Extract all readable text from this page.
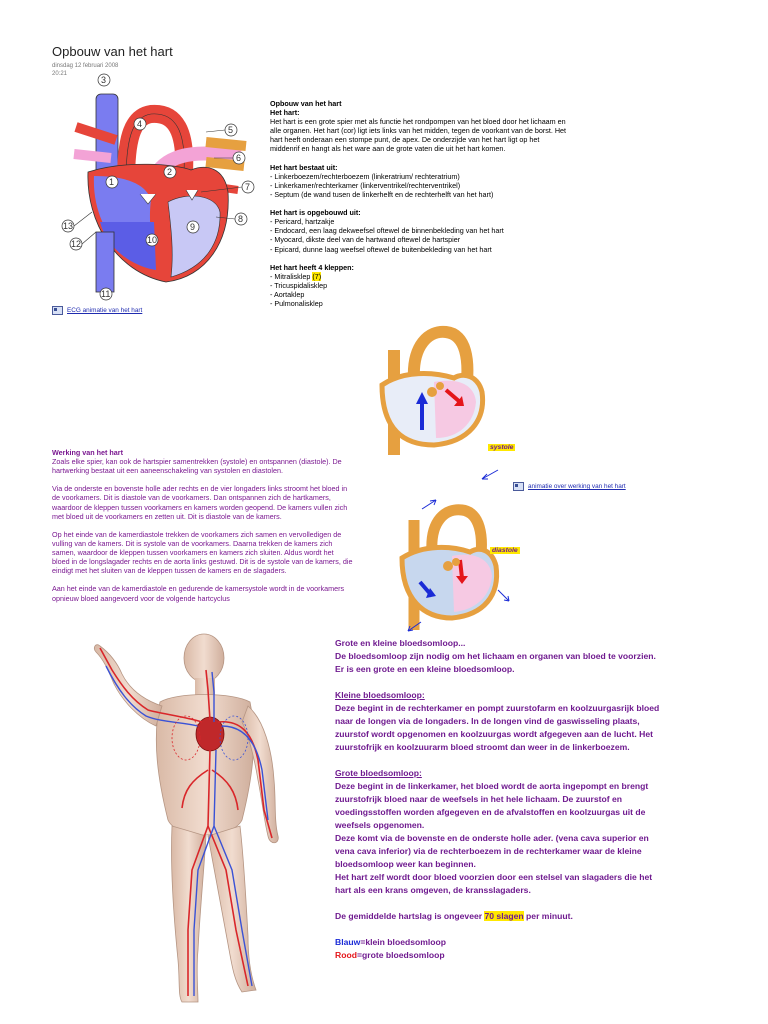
Opbouw van het hart
dinsdag 12 februari 2008
20:21
3
4
5
6
1
2
7
8
9
10
11
12
13
ECG animatie van het hart
Opbouw van het hart
Het hart:
Het hart is een grote spier met als functie het rondpompen van het bloed door het lichaam en
alle organen. Het hart (cor) ligt iets links van het midden, tegen de voorkant van de borst. Het
hart heeft onderaan een stompe punt, de apex. De onderzijde van het hart ligt op het
middenrif en hangt als het ware aan de grote vaten die uit het hart komen.
Het hart bestaat uit:
- Linkerboezem/rechterboezem (linkeratrium/ rechteratrium)
- Linkerkamer/rechterkamer (linkerventrikel/rechterventrikel)
- Septum (de wand tusen de linkerhelft en de rechterhelft van het hart)
Het hart is opgebouwd uit:
- Pericard, hartzakje
- Endocard, een laag dekweefsel oftewel de binnenbekleding van het hart
- Myocard, dikste deel van de hartwand oftewel de hartspier
- Epicard, dunne laag weefsel oftewel de buitenbekleding van het hart
Het hart heeft 4 kleppen:
- Mitralisklep (7)
- Tricuspidalisklep
- Aortaklep
- Pulmonalisklep
systole
animatie over werking van het hart
diastole
Werking van het hart
Zoals elke spier, kan ook de hartspier samentrekken (systole) en ontspannen (diastole). De
hartwerking bestaat uit een aaneenschakeling van systolen en diastolen.
Via de onderste en bovenste holle ader rechts en de vier longaders links stroomt het bloed in
de voorkamers. Dit is diastole van de voorkamers. Dan ontspannen zich de hartkamers,
waardoor de kleppen tussen voorkamers en kamers worden geopend. De kamers vullen zich
met bloed uit de voorkamers en zetten uit. Dit is diastole van de kamers.
Op het einde van de kamerdiastole trekken de voorkamers zich samen en vervolledigen de
vulling van de kamers. Dit is systole van de voorkamers. Daarna trekken de kamers zich
samen, waardoor de kleppen tussen voorkamers en kamers zich sluiten. Aldus wordt het
bloed in de longslagader rechts en de aorta links gestuwd. Dit is de systole van de kamers, die
eindigt met het sluiten van de kleppen tussen de kamers en de slagaders.
Aan het einde van de kamerdiastole en gedurende de kamersystole wordt in de voorkamers
opnieuw bloed aangevoerd voor de volgende hartcyclus
Grote en kleine bloedsomloop...
De bloedsomloop zijn nodig om het lichaam en organen van bloed te voorzien.
Er is een grote en een kleine bloedsomloop.
Kleine bloedsomloop:
Deze begint in de rechterkamer en pompt zuurstofarm en koolzuurgasrijk bloed
naar de longen via de longaders. In de longen vind de gaswisseling plaats,
zuurstof wordt opgenomen en koolzuurgas wordt afgegeven aan de lucht. Het
zuurstofrijk en koolzuurarm bloed stroomt dan weer in de linkerboezem.
Grote bloedsomloop:
Deze begint in de linkerkamer, het bloed wordt de aorta ingepompt en brengt
zuurstofrijk bloed naar de weefsels in het hele lichaam. De zuurstof en
voedingsstoffen worden afgegeven en de afvalstoffen en koolzuurgas uit de
weefsels opgenomen.
Deze komt via de bovenste en de onderste holle ader. (vena cava superior en
vena cava inferior) via de rechterboezem in de rechterkamer waar de kleine
bloedsomloop weer kan beginnen.
Het hart zelf wordt door bloed voorzien door een stelsel van slagaders die het
hart als een krans omgeven, de kransslagaders.
De gemiddelde hartslag is ongeveer 70 slagen per minuut.
Blauw=klein bloedsomloop
Rood=grote bloedsomloop
